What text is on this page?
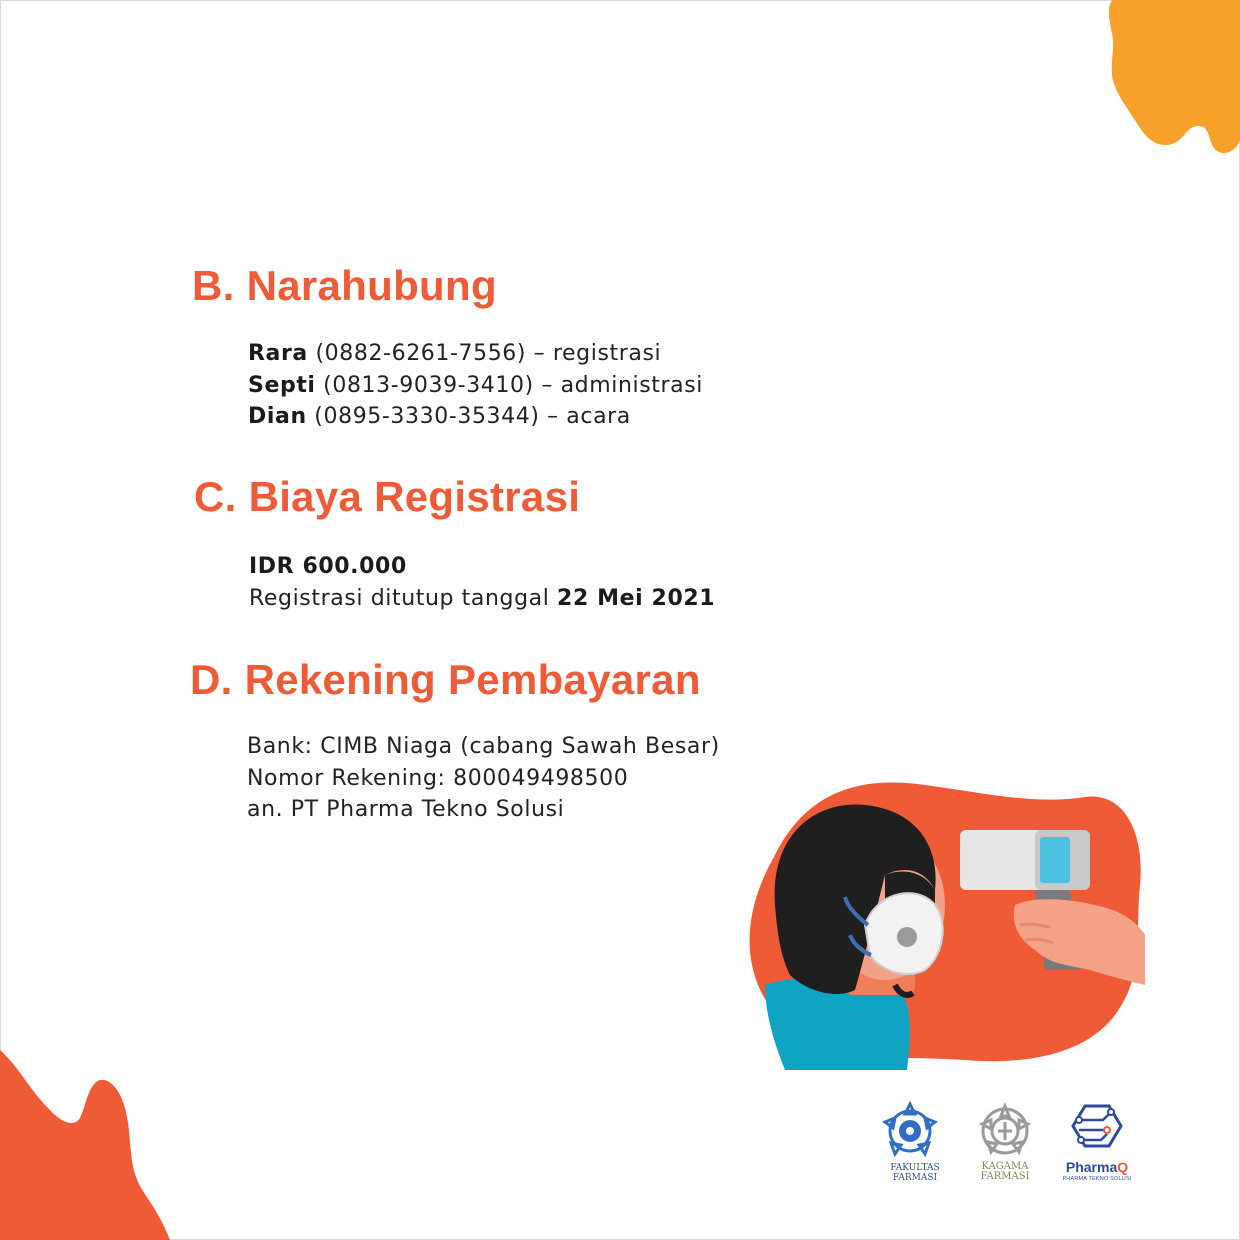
B. Narahubung
Rara (0882-6261-7556) – registrasi
Septi (0813-9039-3410) – administrasi
Dian (0895-3330-35344) – acara
C. Biaya Registrasi
IDR 600.000
Registrasi ditutup tanggal 22 Mei 2021
D. Rekening Pembayaran
Bank: CIMB Niaga (cabang Sawah Besar)
Nomor Rekening: 800049498500
an. PT Pharma Tekno Solusi
FAKULTAS
FARMASI
KAGAMA
FARMASI
PharmaQ
PHARMA TEKNO SOLUSI
